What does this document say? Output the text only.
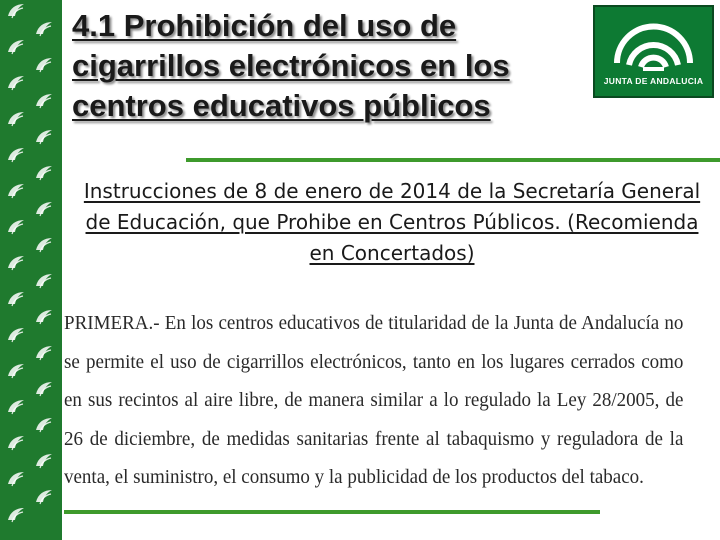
4.1 Prohibición del uso de cigarrillos electrónicos en los centros educativos públicos
JUNTA DE ANDALUCIA

Instrucciones de 8 de enero de 2014 de la Secretaría General de Educación, que Prohibe en Centros Públicos. (Recomienda en Concertados)

PRIMERA.- En los centros educativos de titularidad de la Junta de Andalucía no se permite el uso de cigarrillos electrónicos, tanto en los lugares cerrados como en sus recintos al aire libre, de manera similar a lo regulado la Ley 28/2005, de 26 de diciembre, de medidas sanitarias frente al tabaquismo y reguladora de la venta, el suministro, el consumo y la publicidad de los productos del tabaco.
